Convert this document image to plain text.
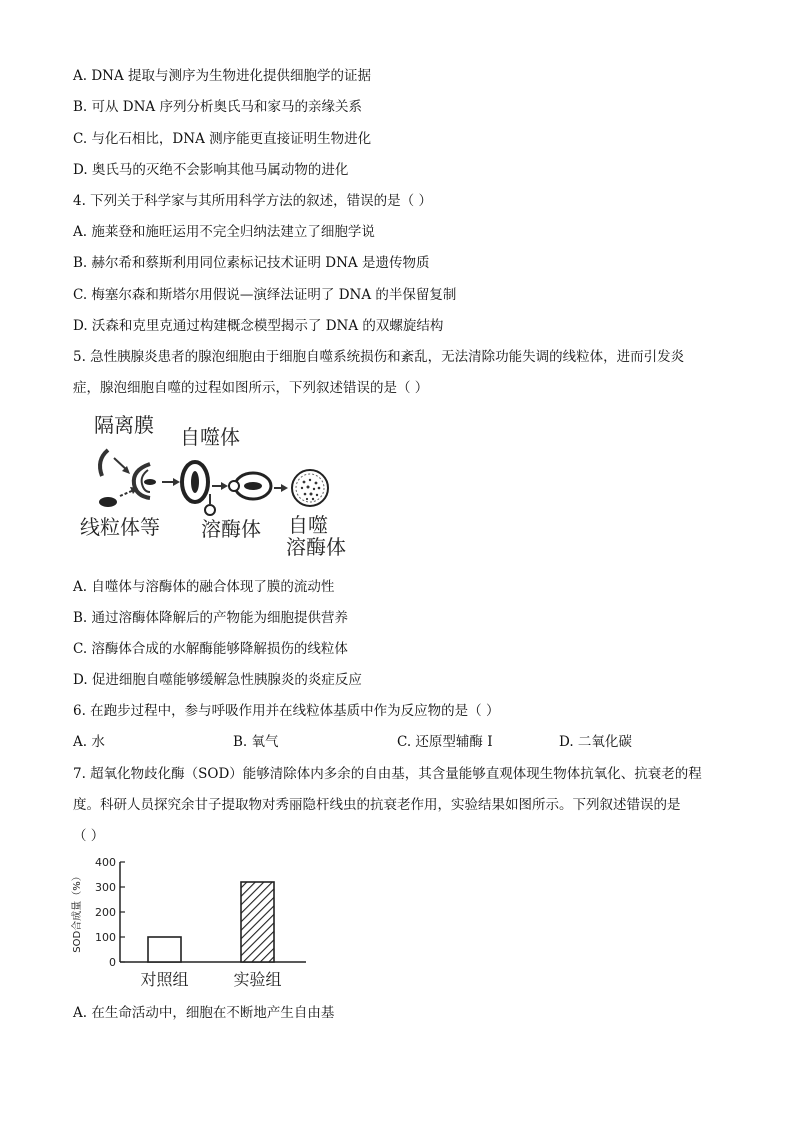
A. DNA 提取与测序为生物进化提供细胞学的证据
B. 可从 DNA 序列分析奥氏马和家马的亲缘关系
C. 与化石相比，DNA 测序能更直接证明生物进化
D. 奥氏马的灭绝不会影响其他马属动物的进化
4. 下列关于科学家与其所用科学方法的叙述，错误的是（ ）
A. 施莱登和施旺运用不完全归纳法建立了细胞学说
B. 赫尔希和蔡斯利用同位素标记技术证明 DNA 是遗传物质
C. 梅塞尔森和斯塔尔用假说—演绎法证明了 DNA 的半保留复制
D. 沃森和克里克通过构建概念模型揭示了 DNA 的双螺旋结构
5. 急性胰腺炎患者的腺泡细胞由于细胞自噬系统损伤和紊乱，无法清除功能失调的线粒体，进而引发炎
症，腺泡细胞自噬的过程如图所示，下列叙述错误的是（ ）
隔离膜 自噬体
线粒体等 溶酶体 自噬
溶酶体
A. 自噬体与溶酶体的融合体现了膜的流动性
B. 通过溶酶体降解后的产物能为细胞提供营养
C. 溶酶体合成的水解酶能够降解损伤的线粒体
D. 促进细胞自噬能够缓解急性胰腺炎的炎症反应
6. 在跑步过程中，参与呼吸作用并在线粒体基质中作为反应物的是（ ）
A. 水	B. 氧气	C. 还原型辅酶 Ⅰ	D. 二氧化碳
7. 超氧化物歧化酶（SOD）能够清除体内多余的自由基，其含量能够直观体现生物体抗氧化、抗衰老的程
度。科研人员探究余甘子提取物对秀丽隐杆线虫的抗衰老作用，实验结果如图所示。下列叙述错误的是
（ ）
SOD合成量（%）
0
100
200
300
400
对照组	实验组
A. 在生命活动中，细胞在不断地产生自由基
